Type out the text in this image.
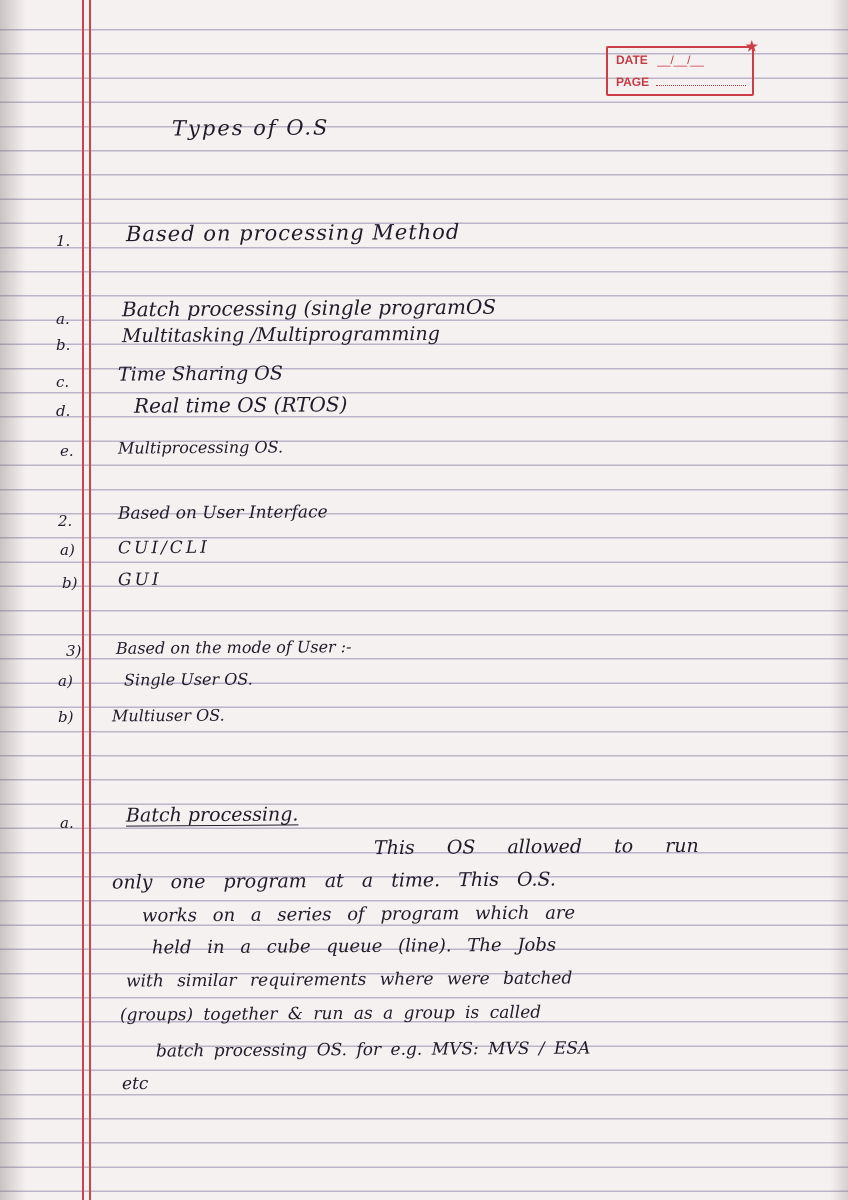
★
DATE __/__/__
PAGE
Types of O.S
1.	Based on processing Method
a.	Batch processing (single programOS
b.	Multitasking /Multiprogramming
c.	Time Sharing OS
d.	Real time OS (RTOS)
e.	Multiprocessing OS.
2.	Based on User Interface
a)	CUI/CLI
b) GUI
3) Based on the mode of User :-
a)	Single User OS.
b) Multiuser OS.
a.	Batch processing.
This OS allowed to run
only one program at a time. This O.S.
works on a series of program which are
held in a cube queue (line). The Jobs
with similar requirements where were batched
(groups) together & run as a group is called
batch processing OS. for e.g. MVS: MVS / ESA
etc
